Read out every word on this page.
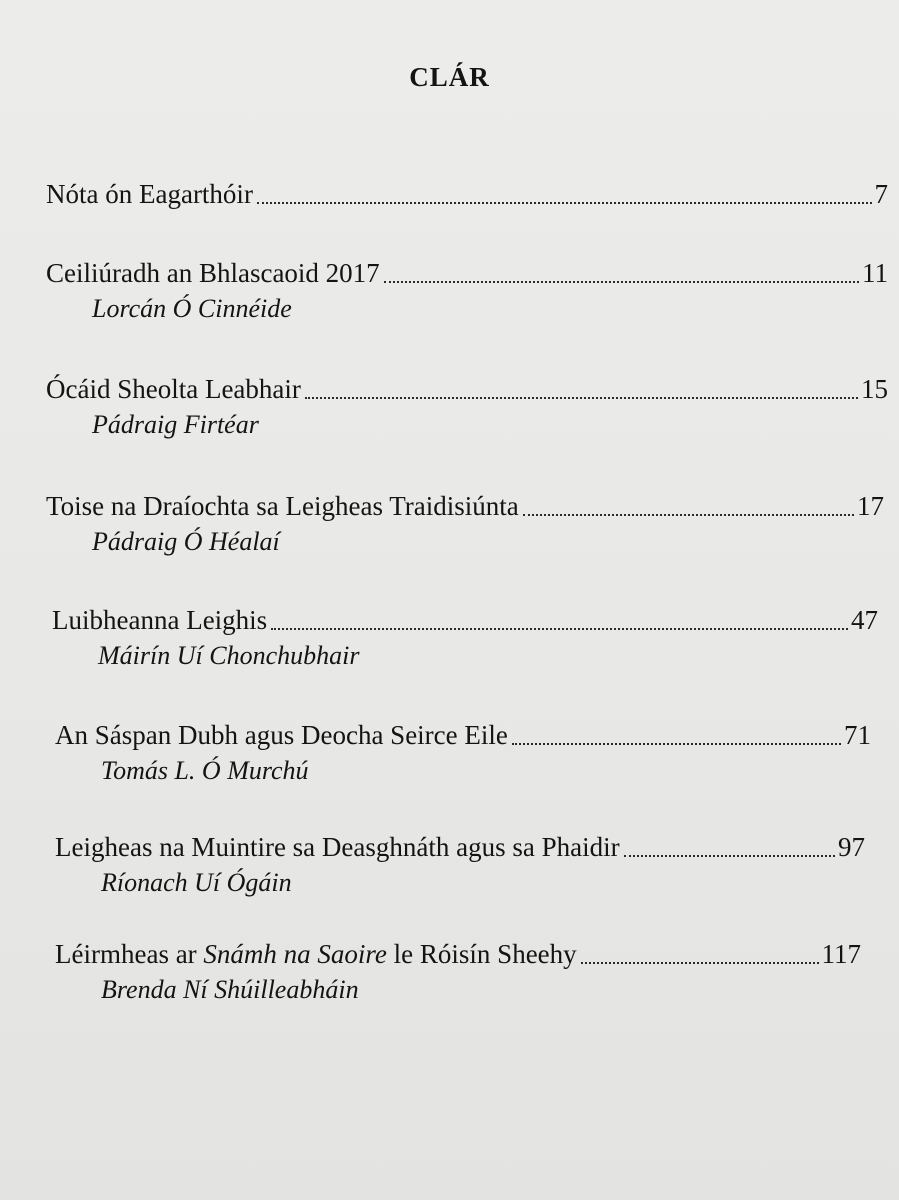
CLÁR
Nóta ón Eagarthóir	7
Ceiliúradh an Bhlascaoid 2017	11
Lorcán Ó Cinnéide
Ócáid Sheolta Leabhair	15
Pádraig Firtéar
Toise na Draíochta sa Leigheas Traidisiúnta	17
Pádraig Ó Héalaí
Luibheanna Leighis	47
Máirín Uí Chonchubhair
An Sáspan Dubh agus Deocha Seirce Eile	71
Tomás L. Ó Murchú
Leigheas na Muintire sa Deasghnáth agus sa Phaidir	97
Ríonach Uí Ógáin
Léirmheas ar Snámh na Saoire le Róisín Sheehy	117
Brenda Ní Shúilleabháin
